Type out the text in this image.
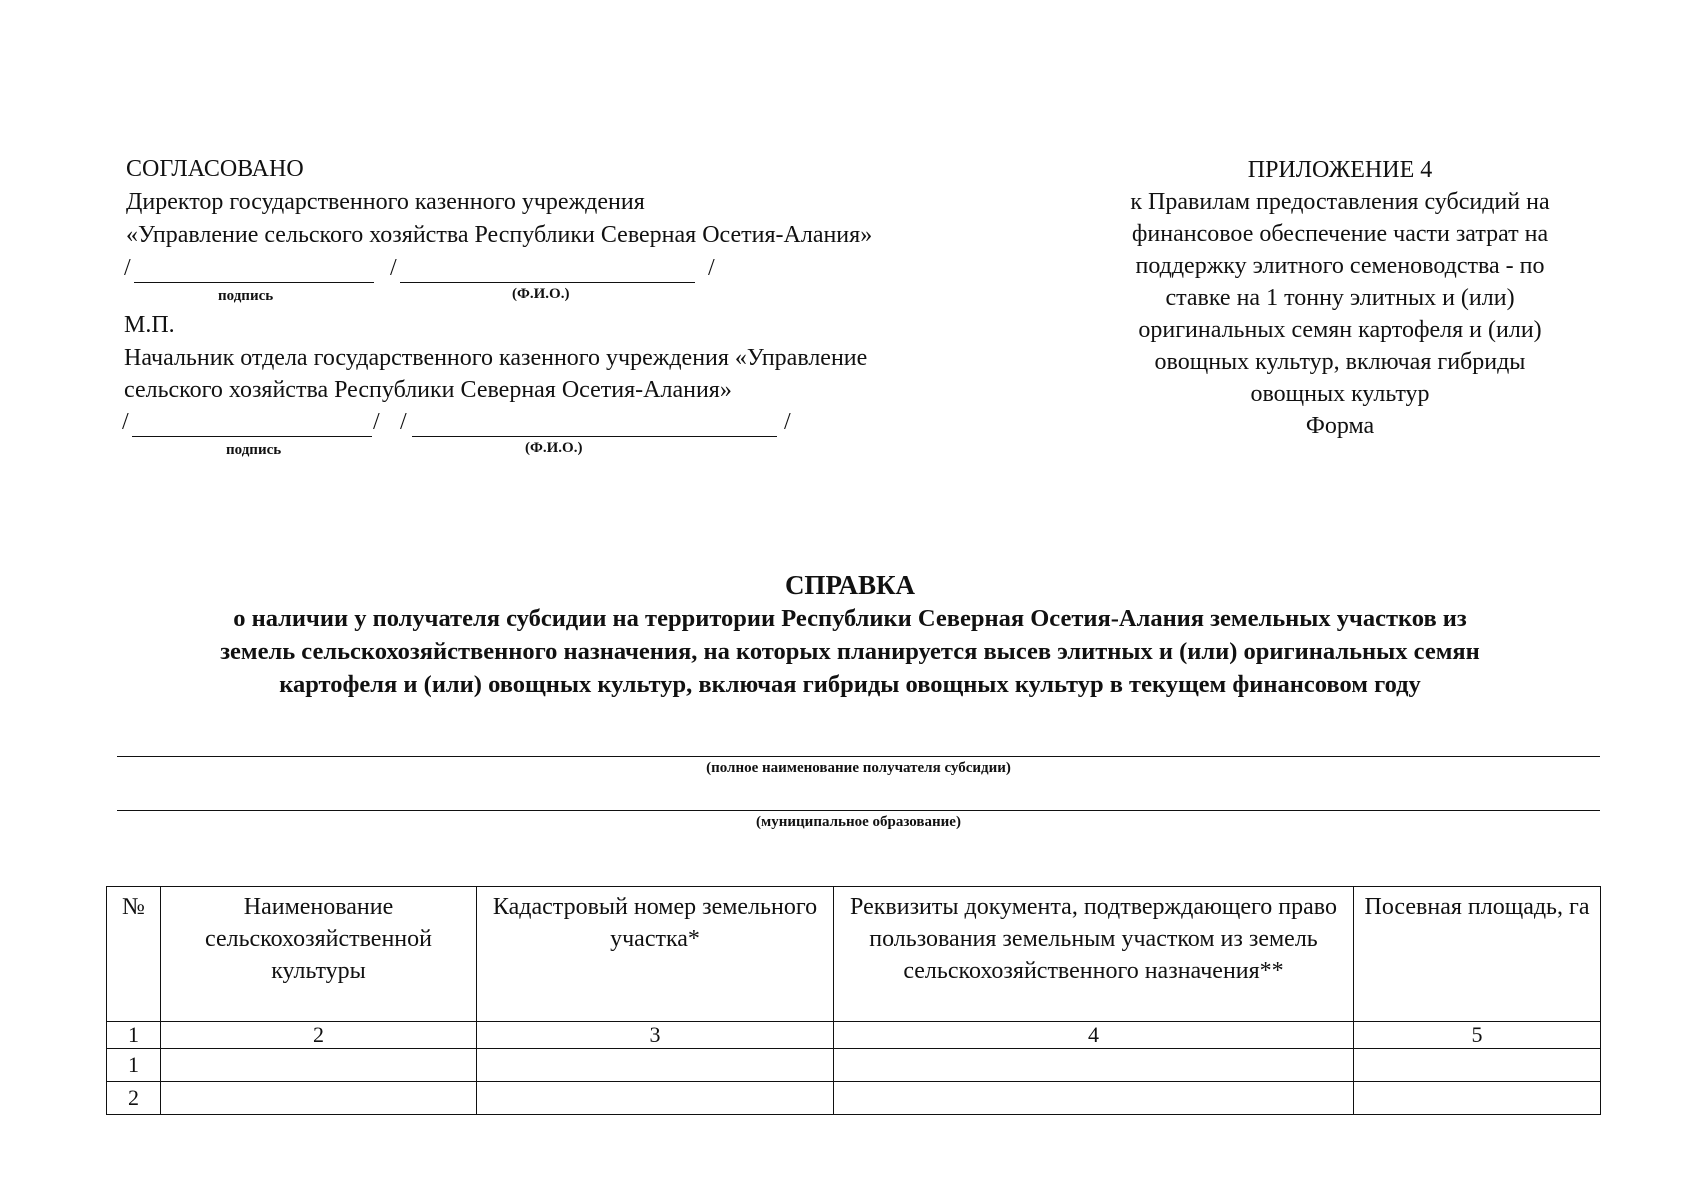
СОГЛАСОВАНО
Директор государственного казенного учреждения
«Управление сельского хозяйства Республики Северная Осетия-Алания»
/	/	/
подпись	(Ф.И.О.)
М.П.
Начальник отдела государственного казенного учреждения «Управление
сельского хозяйства Республики Северная Осетия-Алания»
/	/ /	/
подпись	(Ф.И.О.)
ПРИЛОЖЕНИЕ 4
к Правилам предоставления субсидий на
финансовое обеспечение части затрат на
поддержку элитного семеноводства - по
ставке на 1 тонну элитных и (или)
оригинальных семян картофеля и (или)
овощных культур, включая гибриды
овощных культур
Форма
СПРАВКА
о наличии у получателя субсидии на территории Республики Северная Осетия-Алания земельных участков из
земель сельскохозяйственного назначения, на которых планируется высев элитных и (или) оригинальных семян
картофеля и (или) овощных культур, включая гибриды овощных культур в текущем финансовом году
(полное наименование получателя субсидии)
(муниципальное образование)
№	Наименование сельскохозяйственной культуры	Кадастровый номер земельного участка*	Реквизиты документа, подтверждающего право пользования земельным участком из земель сельскохозяйственного назначения**	Посевная площадь, га
1	2	3	4	5
1				
2				
